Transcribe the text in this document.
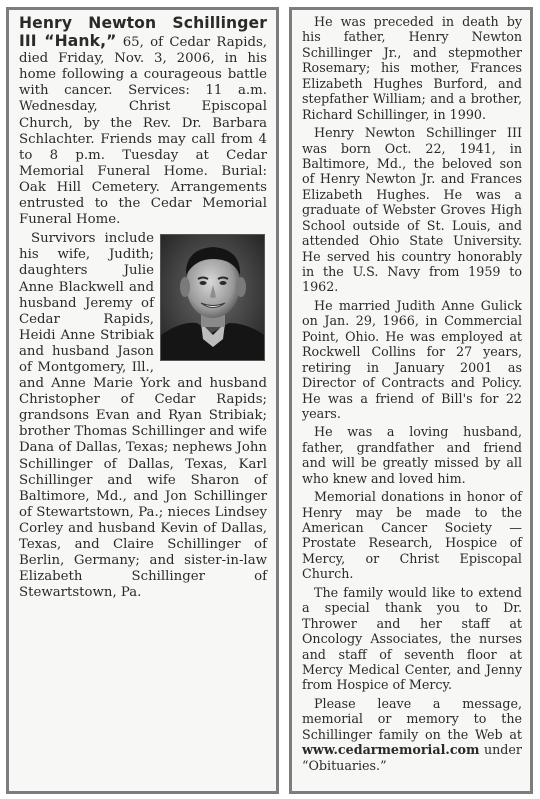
Henry Newton Schillinger III “Hank,” 65, of Cedar Rapids, died Friday, Nov. 3, 2006, in his home following a courageous battle with cancer. Services: 11 a.m. Wednesday, Christ Episcopal Church, by the Rev. Dr. Barbara Schlachter. Friends may call from 4 to 8 p.m. Tuesday at Cedar Memorial Funeral Home. Burial: Oak Hill Cemetery. Arrangements entrusted to the Cedar Memorial Funeral Home.

Survivors include his wife, Judith; daughters Julie Anne Blackwell and husband Jeremy of Cedar Rapids, Heidi Anne Stribiak and husband Jason of Montgomery, Ill., and Anne Marie York and husband Christopher of Cedar Rapids; grandsons Evan and Ryan Stribiak; brother Thomas Schillinger and wife Dana of Dallas, Texas; nephews John Schillinger of Dallas, Texas, Karl Schillinger and wife Sharon of Baltimore, Md., and Jon Schillinger of Stewartstown, Pa.; nieces Lindsey Corley and husband Kevin of Dallas, Texas, and Claire Schillinger of Berlin, Germany; and sister-in-law Elizabeth Schillinger of Stewartstown, Pa.

He was preceded in death by his father, Henry Newton Schillinger Jr., and stepmother Rosemary; his mother, Frances Elizabeth Hughes Burford, and stepfather William; and a brother, Richard Schillinger, in 1990.

Henry Newton Schillinger III was born Oct. 22, 1941, in Baltimore, Md., the beloved son of Henry Newton Jr. and Frances Elizabeth Hughes. He was a graduate of Webster Groves High School outside of St. Louis, and attended Ohio State University. He served his country honorably in the U.S. Navy from 1959 to 1962.

He married Judith Anne Gulick on Jan. 29, 1966, in Commercial Point, Ohio. He was employed at Rockwell Collins for 27 years, retiring in January 2001 as Director of Contracts and Policy. He was a friend of Bill's for 22 years.

He was a loving husband, father, grandfather and friend and will be greatly missed by all who knew and loved him.

Memorial donations in honor of Henry may be made to the American Cancer Society — Prostate Research, Hospice of Mercy, or Christ Episcopal Church.

The family would like to extend a special thank you to Dr. Thrower and her staff at Oncology Associates, the nurses and staff of seventh floor at Mercy Medical Center, and Jenny from Hospice of Mercy.

Please leave a message, memorial or memory to the Schillinger family on the Web at www.cedarmemorial.com under “Obituaries.”
